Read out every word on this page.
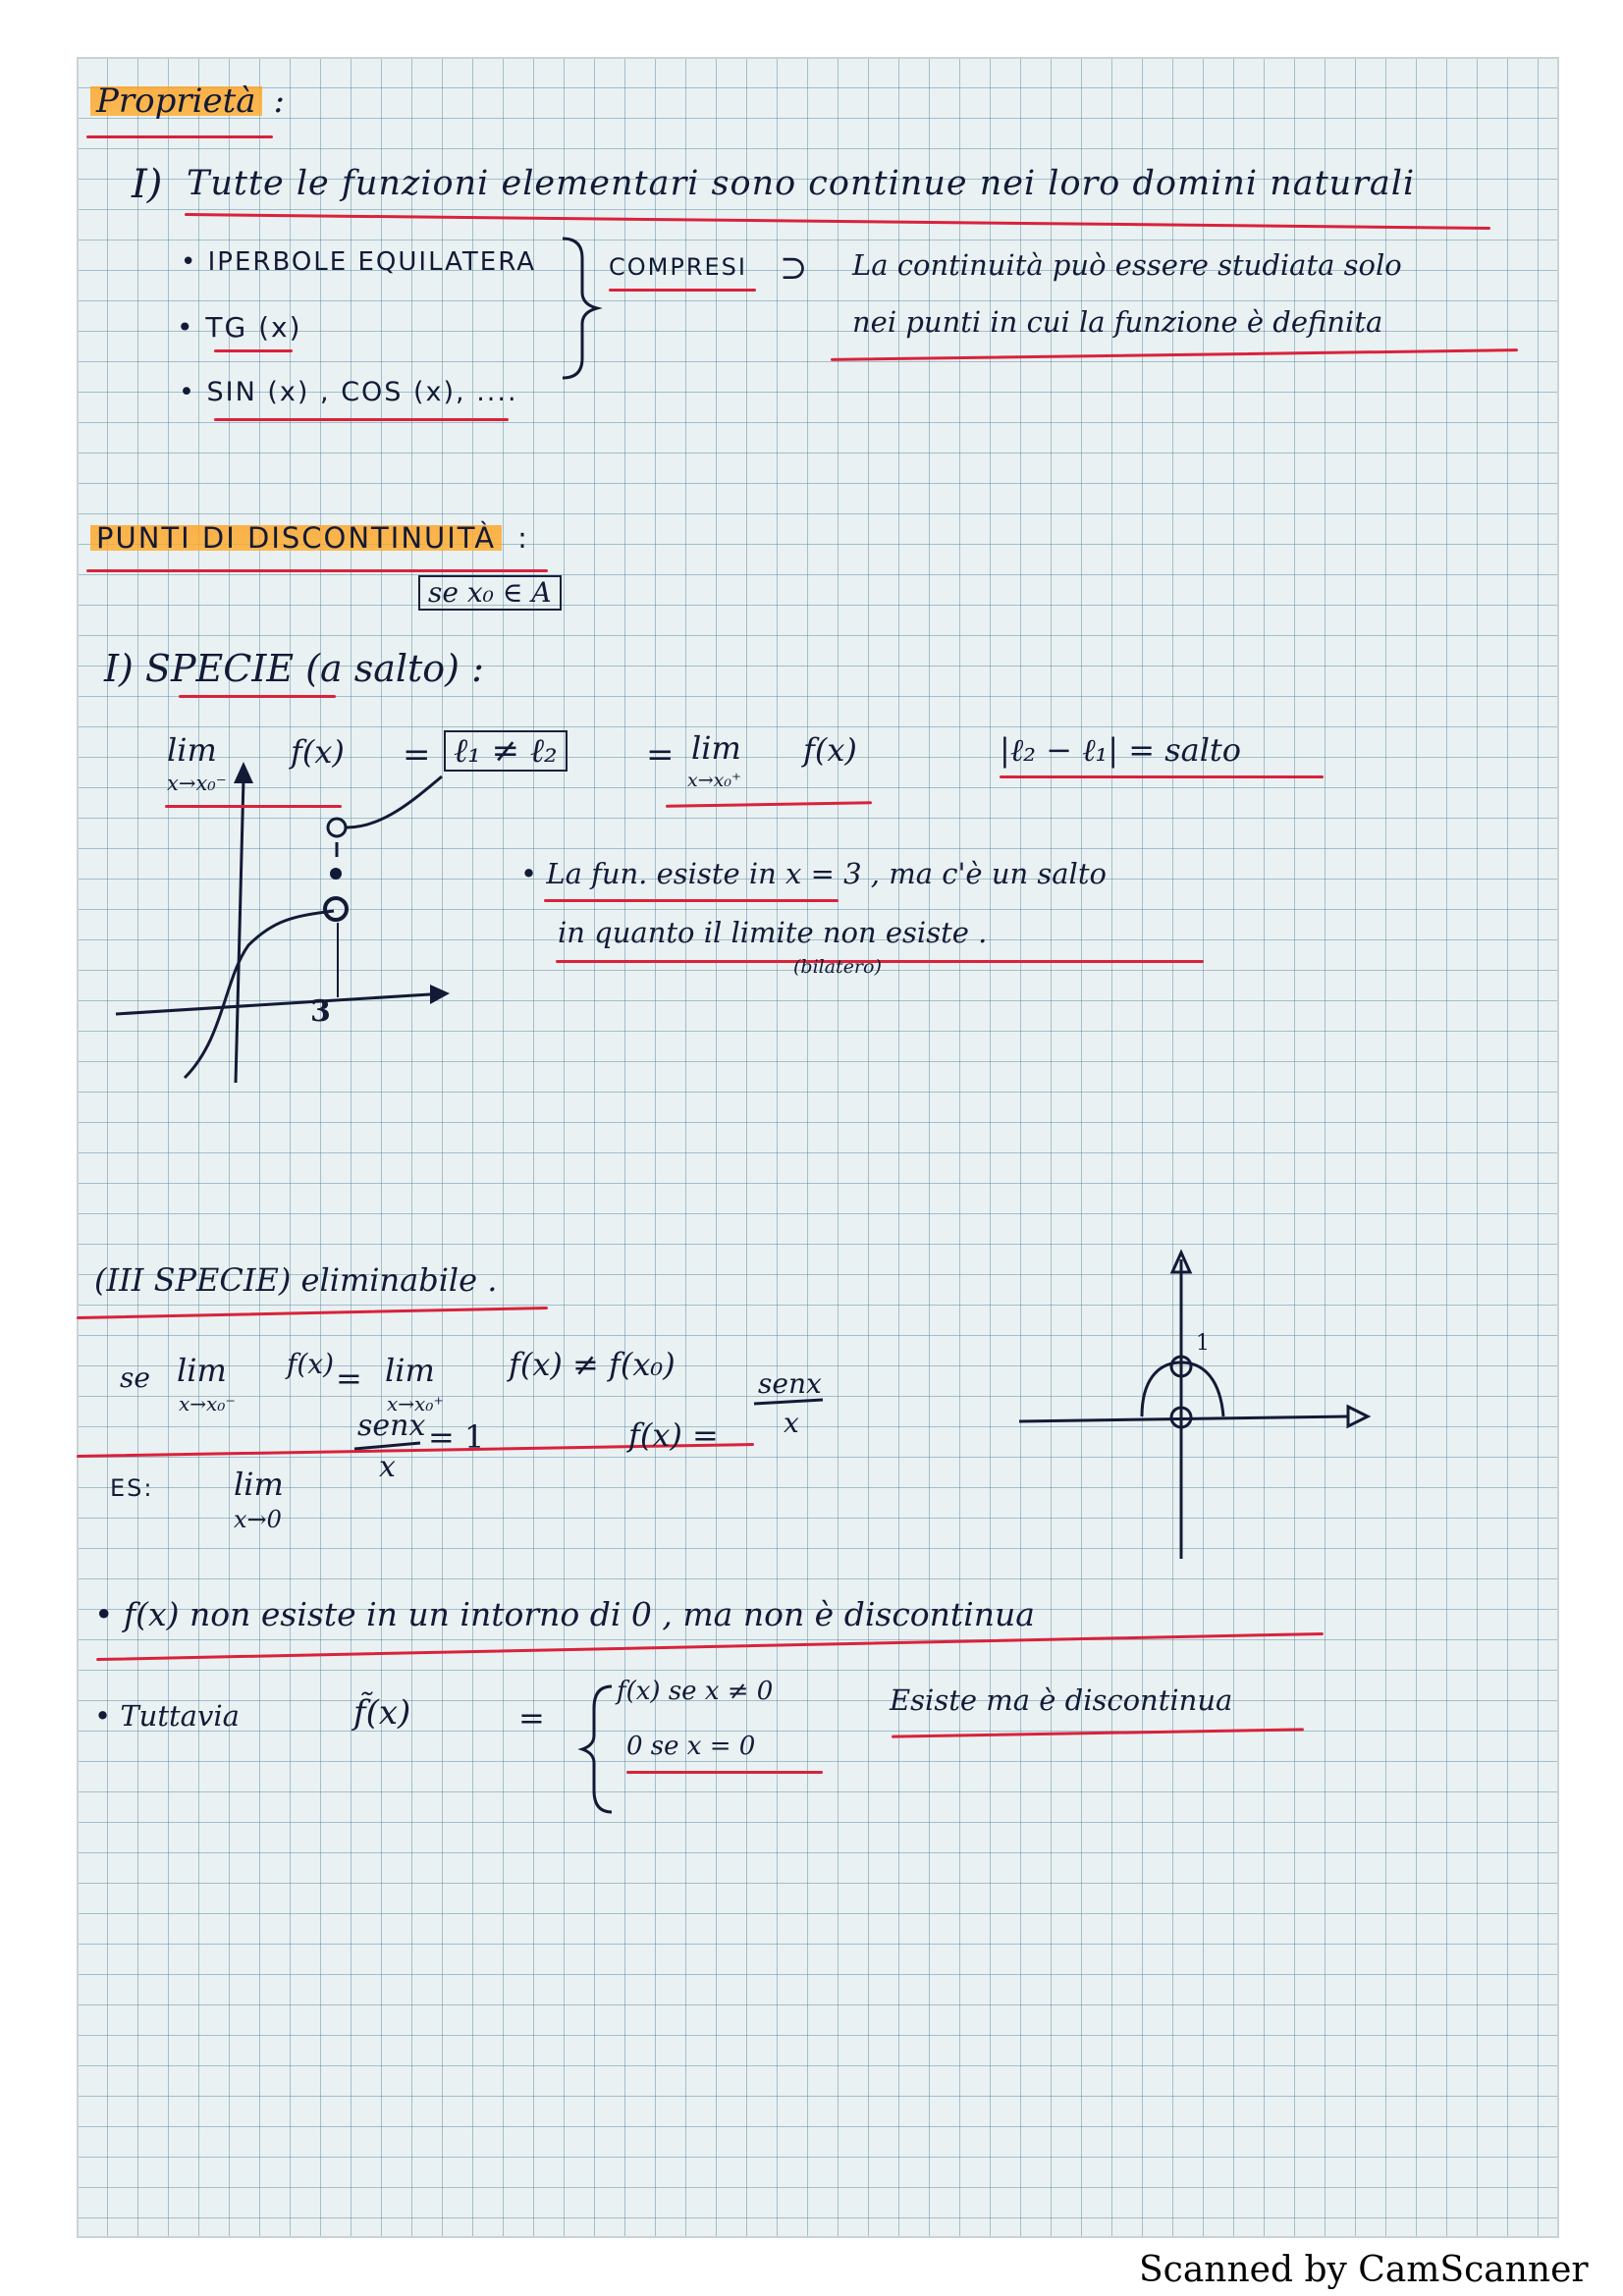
Proprietà :
I) Tutte le funzioni elementari sono continue nei loro domini naturali
• IPERBOLE EQUILATERA
• TG (x)
• SIN (x) , COS (x), ....
COMPRESI ⊃ La continuità può essere studiata solo
nei punti in cui la funzione è definita
PUNTI DI DISCONTINUITÀ :
se x₀ ∈ A
I) SPECIE (a salto) :
lim
x→x₀⁻
f(x) = ℓ₁ ≠ ℓ₂	= lim
x→x₀⁺
f(x)	|ℓ₂ − ℓ₁| = salto
3
• La fun. esiste in x = 3 , ma c'è un salto
in quanto il limite non esiste .
(bilatero)
(III SPECIE) eliminabile .
se lim
x→x₀⁻
f(x) = lim
x→x₀⁺
f(x) ≠ f(x₀)
ES:	lim
x→0
senx
x
= 1	f(x) =
senx
x
1
• f(x) non esiste in un intorno di 0 , ma non è discontinua
• Tuttavia	f̃(x)	=
f(x) se x ≠ 0
0 se x = 0
Esiste ma è discontinua
Scanned by CamScanner
